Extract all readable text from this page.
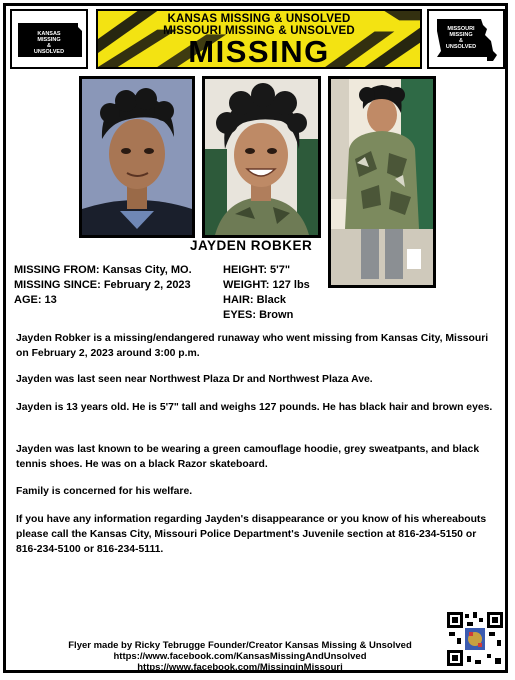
KANSAS
MISSING
&
UNSOLVED
KANSAS MISSING & UNSOLVED
MISSOURI MISSING & UNSOLVED
MISSING
MISSOURI
MISSING
&
UNSOLVED
JAYDEN ROBKER
MISSING FROM: Kansas City, MO.
MISSING SINCE: February 2, 2023
AGE: 13
HEIGHT: 5'7"
WEIGHT: 127 lbs
HAIR: Black
EYES: Brown
Jayden Robker is a missing/endangered runaway who went missing from Kansas City, Missouri on February 2, 2023 around 3:00 p.m.
Jayden was last seen near Northwest Plaza Dr and Northwest Plaza Ave.
Jayden is 13 years old. He is 5'7" tall and weighs 127 pounds. He has black hair and brown eyes.
Jayden was last known to be wearing a green camouflage hoodie, grey sweatpants, and black tennis shoes. He was on a black Razor skateboard.
Family is concerned for his welfare.
If you have any information regarding Jayden's disappearance or you know of his whereabouts please call the Kansas City, Missouri Police Department's Juvenile section at 816-234-5150 or 816-234-5100 or 816-234-5111.
Flyer made by Ricky Tebrugge Founder/Creator Kansas Missing & Unsolved
https://www.facebook.com/KansasMissingAndUnsolved
https://www.facebook.com/MissinginMissouri
